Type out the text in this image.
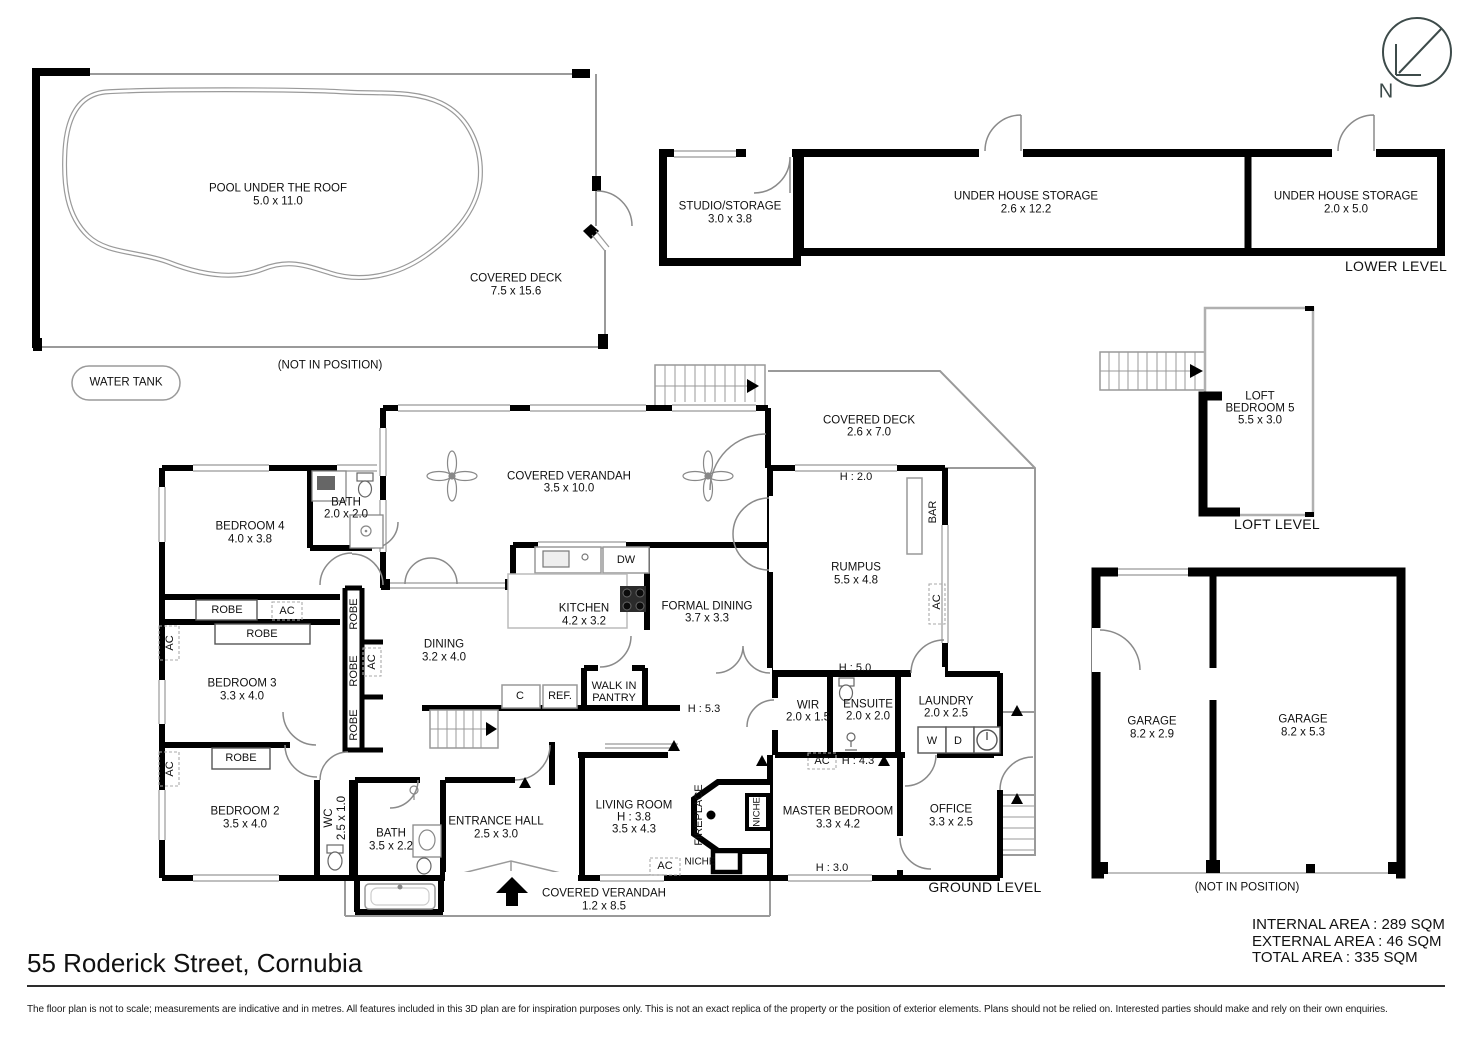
POOL UNDER THE ROOF
5.0 x 11.0
COVERED DECK
7.5 x 15.6
(NOT IN POSITION)
WATER TANK
STUDIO/STORAGE
3.0 x 3.8
UNDER HOUSE STORAGE
2.6 x 12.2
UNDER HOUSE STORAGE
2.0 x 5.0
LOWER LEVEL
LOFT
BEDROOM 5
5.5 x 3.0
LOFT LEVEL
GARAGE
8.2 x 2.9
GARAGE
8.2 x 5.3
(NOT IN POSITION)
COVERED DECK
2.6 x 7.0
H : 2.0
BAR
RUMPUS
5.5 x 4.8
AC
H : 5.0
COVERED VERANDAH
3.5 x 10.0
BATH
2.0 x 2.0
BEDROOM 4
4.0 x 3.8
ROBE	AC
ROBE
AC
BEDROOM 3
3.3 x 4.0
ROBE
ROBE
ROBE
AC
ROBE
AC
BEDROOM 2
3.5 x 4.0
DINING
3.2 x 4.0
KITCHEN
4.2 x 3.2
DW
FORMAL DINING
3.7 x 3.3
WALK IN
PANTRY
C REF.
H : 5.3	WIR
2.0 x 1.5
ENSUITE
2.0 x 2.0
LAUNDRY
2.0 x 2.5
W D
AC H : 4.3
WC 2.5 x 1.0 BATH
3.5 x 2.2
ENTRANCE HALL
2.5 x 3.0
LIVING ROOM
H : 3.8
3.5 x 4.3	FIREPLACE	NICHE
NICHE
AC
MASTER BEDROOM
3.3 x 4.2
H : 3.0
OFFICE
3.3 x 2.5
COVERED VERANDAH
1.2 x 8.5
GROUND LEVEL
N
55 Roderick Street, Cornubia
INTERNAL AREA : 289 SQM
EXTERNAL AREA : 46 SQM
TOTAL AREA : 335 SQM
The floor plan is not to scale; measurements are indicative and in metres. All features included in this 3D plan are for inspiration purposes only. This is not an exact replica of the property or the position of exterior elements. Plans should not be relied on. Interested parties should make and rely on their own enquiries.
